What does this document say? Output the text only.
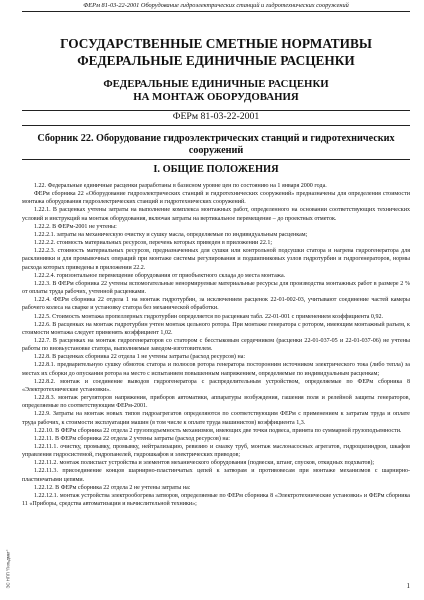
ФЕРм 81-03-22-2001 Оборудование гидроэлектрических станций и гидротехнических сооружений
ГОСУДАРСТВЕННЫЕ СМЕТНЫЕ НОРМАТИВЫ
ФЕДЕРАЛЬНЫЕ ЕДИНИЧНЫЕ РАСЦЕНКИ
ФЕДЕРАЛЬНЫЕ ЕДИНИЧНЫЕ РАСЦЕНКИ
НА МОНТАЖ ОБОРУДОВАНИЯ
ФЕРм 81-03-22-2001
Сборник 22. Оборудование гидроэлектрических станций и гидротехнических сооружений
I. ОБЩИЕ ПОЛОЖЕНИЯ

1.22. Федеральные единичные расценки разработаны в базисном уровне цен по состоянию на 1 января 2000 года.

ФЕРм сборника 22 «Оборудование гидроэлектрических станций и гидротехнических сооружений» предназначены для определения стоимости монтажа оборудования гидроэлектрических станций и гидротехнических сооружений.

1.22.1. В расценках учтены затраты на выполнение комплекса монтажных работ, определенного на основании соответствующих технических условий и инструкций на монтаж оборудования, включая затраты на вертикальное перемещение – до проектных отметок.

1.22.2. В ФЕРм-2001 не учтены:

1.22.2.1. затраты на механическую очистку и сушку масла, определяемые по индивидуальным расценкам;

1.22.2.2. стоимость материальных ресурсов, перечень которых приведен в приложении 22.1;

1.22.2.3. стоимость материальных ресурсов, предназначенных для сушки или контрольной подсушки статора и нагрева гидрогенератора для расклинивки и для промывочных операций при монтаже системы регулирования и подшипниковых узлов гидротурбин и гидрогенераторов, нормы расхода которых приведены в приложении 22.2.

1.22.2.4. горизонтальное перемещение оборудования от приобъектного склада до места монтажа.

1.22.3. В ФЕРм сборника 22 учтены вспомогательные ненормируемые материальные ресурсы для производства монтажных работ в размере 2 % от оплаты труда рабочих, учтенной расценками.

1.22.4. ФЕРм сборника 22 отдела 1 на монтаж гидротурбин, за исключением расценок 22-01-002-03, учитывают соединение частей камеры рабочего колеса на сварке и установку статора без механической обработки.

1.22.5. Стоимость монтажа пропеллерных гидротурбин определяется по расценкам табл. 22-01-001 с применением коэффициента 0,92.

1.22.6. В расценках на монтаж гидротурбин учтен монтаж цельного ротора. При монтаже генератора с ротором, имеющим монтажный разъем, к стоимости монтажа следует применять коэффициент 1,02.

1.22.7. В расценках на монтаж гидрогенераторов со статором с бесстыковым сердечником (расценки 22-01-037-05 и 22-01-037-06) не учтены работы по вновьустановке статора, выполняемые заводом-изготовителем.

1.22.8. В расценках сборника 22 отдела 1 не учтены затраты (расход ресурсов) на:

1.22.8.1. предварительную сушку обмоток статора и полюсов ротора генератора посторонним источником электрического тока (либо тепла) за местах их сборки до опускания ротора на место с испытанием повышенным напряжением, определяемые по индивидуальным расценкам;

1.22.8.2. монтаж и соединение выводов гидрогенератора с распределительным устройством, определяемые по ФЕРм сборника 8 «Электротехнические установки».

1.22.8.3. монтаж регуляторов напряжения, приборов автоматики, аппаратуры возбуждения, гашения поля и релейной защиты генераторов, определяемые по соответствующим ФЕРм-2001.

1.22.9. Затраты на монтаж новых типов гидроагрегатов определяются по соответствующим ФЕРм с применением к затратам труда и оплате труда рабочих, к стоимости эксплуатации машин (в том числе к оплате труда машинистов) коэффициента 1,3.

1.22.10. В ФЕРм сборника 22 отдела 2 грузоподъемность механизмов, имеющих две точки подвеса, принята по суммарной грузоподъемности.

1.22.11. В ФЕРм сборника 22 отдела 2 учтены затраты (расход ресурсов) на:

1.22.11.1. очистку, промывку, промывку, нейтрализацию, ревизию и смазку труб, монтаж маслонасосных агрегатов, гидроцилиндров, шкафов управления гидросистемой, гидропанелей, гидрошкафов и электрических приводов;

1.22.11.2. монтаж полиспаст устройства и элементов механического оборудования (подвески, штанг, спусков, откидных подхватов);

1.22.11.3. присоединение концов шарнирно-пластинчатых цепей к затворам и противовесам при монтаже механизмов с шарнирно-пластинчатыми цепями.

1.22.12. В ФЕРм сборника 22 отдела 2 не учтены затраты на:

1.22.12.1. монтаж устройства электрообогрева затворов, определяемые по ФЕРм сборника 8 «Электротехнические установки» и ФЕРм сборника 11 «Приборы, средства автоматизации и вычислительной техники»;

ЭС НПП "Гильдмет"	1
